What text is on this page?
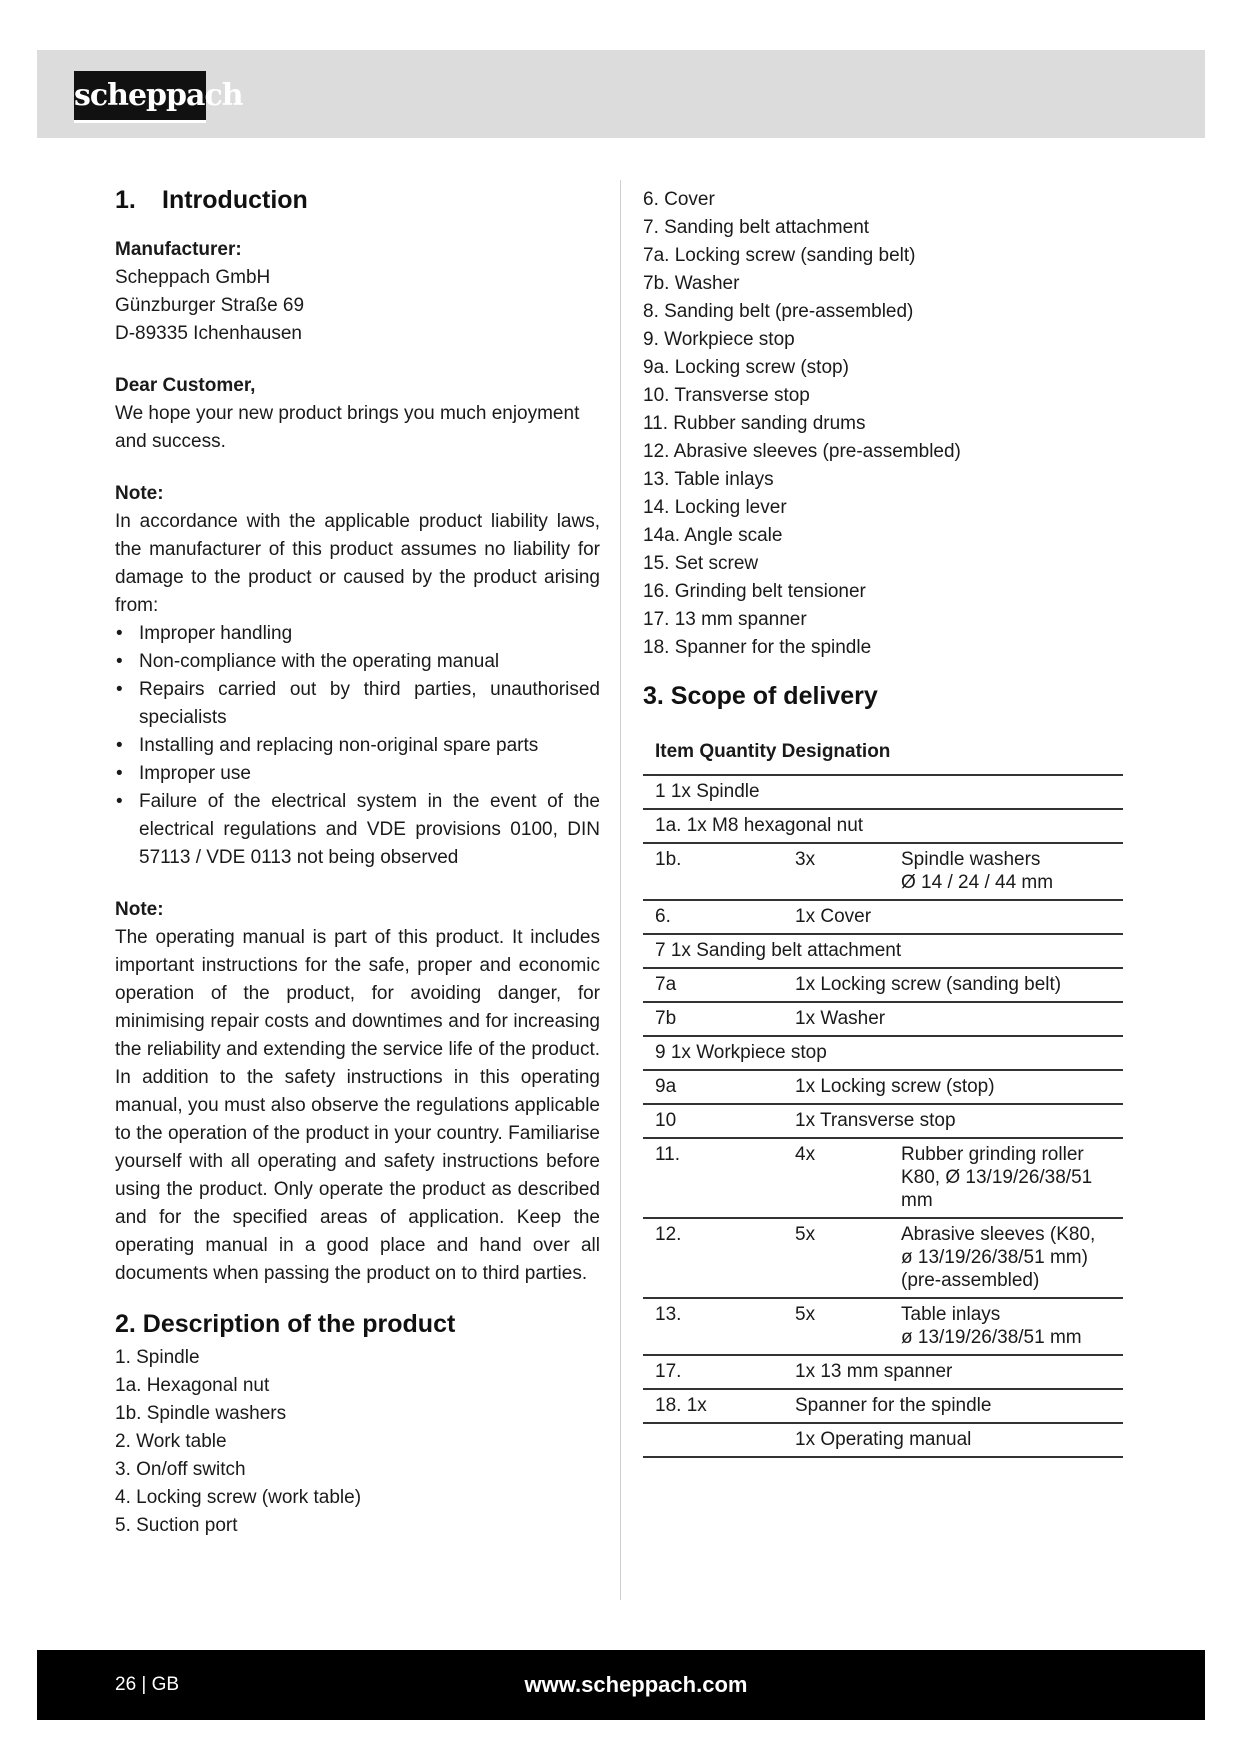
scheppach
1. Introduction

Manufacturer:

Scheppach GmbH

Günzburger Straße 69

D-89335 Ichenhausen

Dear Customer,

We hope your new product brings you much enjoyment and success.

Note:

In accordance with the applicable product liability laws, the manufacturer of this product assumes no liability for damage to the product or caused by the product arising from:

• Improper handling
• Non-compliance with the operating manual
• Repairs carried out by third parties, unauthorised specialists
• Installing and replacing non-original spare parts
• Improper use
• Failure of the electrical system in the event of the electrical regulations and VDE provisions 0100, DIN 57113 / VDE 0113 not being observed

Note:

The operating manual is part of this product. It includes important instructions for the safe, proper and economic operation of the product, for avoiding danger, for minimising repair costs and downtimes and for increasing the reliability and extending the service life of the product. In addition to the safety instructions in this operating manual, you must also observe the regulations applicable to the operation of the product in your country. Familiarise yourself with all operating and safety instructions before using the product. Only operate the product as described and for the specified areas of application. Keep the operating manual in a good place and hand over all documents when passing the product on to third parties.

2. Description of the product
1. Spindle
1a. Hexagonal nut
1b. Spindle washers
2. Work table
3. On/off switch
4. Locking screw (work table)
5. Suction port
6. Cover
7. Sanding belt attachment
7a. Locking screw (sanding belt)
7b. Washer
8. Sanding belt (pre-assembled)
9. Workpiece stop
9a. Locking screw (stop)
10. Transverse stop
11. Rubber sanding drums
12. Abrasive sleeves (pre-assembled)
13. Table inlays
14. Locking lever
14a. Angle scale
15. Set screw
16. Grinding belt tensioner
17. 13 mm spanner
18. Spanner for the spindle
3. Scope of delivery
Item Quantity Designation
1 1x Spindle		
1a. 1x M8 hexagonal nut		
1b.	3x	Spindle washers
Ø 14 / 24 / 44 mm

6.	1x Cover	
7 1x Sanding belt attachment		
7a	1x Locking screw (sanding belt)	
7b	1x Washer	
9 1x Workpiece stop		
9a	1x Locking screw (stop)	
10	1x Transverse stop	
11.	4x	Rubber grinding roller
K80, Ø 13/19/26/38/51 mm

12.	5x	Abrasive sleeves (K80,
ø 13/19/26/38/51 mm)
(pre-assembled)

13.	5x	Table inlays
ø 13/19/26/38/51 mm

17.	1x 13 mm spanner	
18. 1x	Spanner for the spindle	
	1x Operating manual	
26 | GB	www.scheppach.com
